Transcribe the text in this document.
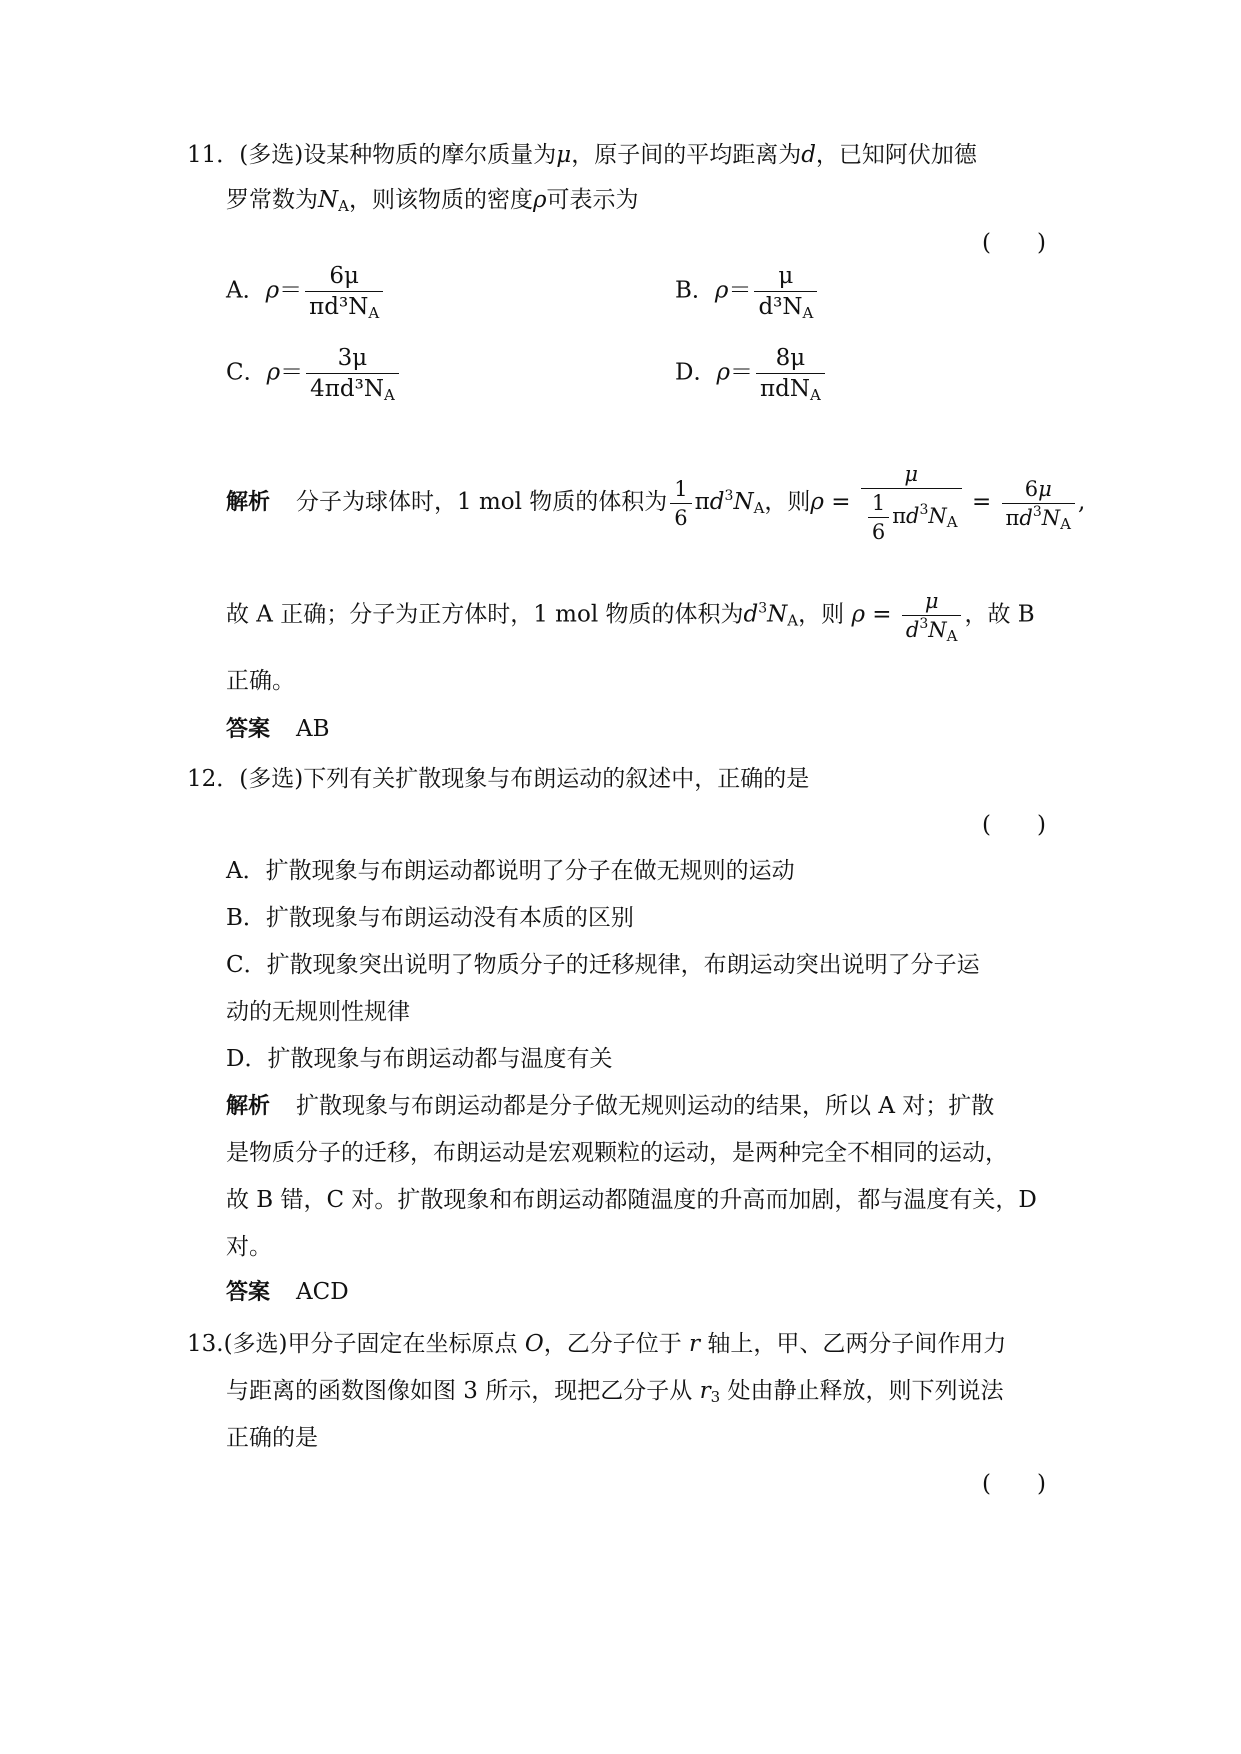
11．(多选)设某种物质的摩尔质量为μ，原子间的平均距离为d，已知阿伏加德
罗常数为$N_A$，则该物质的密度ρ可表示为
(　　)
A．$\rho= \frac{6\mu}{\pi d^3N_A}$	B．$\rho= \frac{\mu}{d^3N_A}$
C．$\rho= \frac{3\mu}{4\pi d^3N_A}$	D．$\rho= \frac{8\mu}{\pi dN_A}$
解析 分子为球体时，1 mol 物质的体积为 $\frac{1}{6} \pi d^3N_A$，则$\rho = \frac{\mu}{\frac{1}{6} \pi d^3N_A} = \frac{6\mu}{\pi d^3N_A}$ ,
故 A 正确；分子为正方体时，1 mol 物质的体积为$d^3N_A$，则 $\rho = \frac{\mu}{d^3N_A}$ ，故 B
正确。
答案 AB
12．(多选)下列有关扩散现象与布朗运动的叙述中，正确的是
(　　)
A．扩散现象与布朗运动都说明了分子在做无规则的运动
B．扩散现象与布朗运动没有本质的区别
C．扩散现象突出说明了物质分子的迁移规律，布朗运动突出说明了分子运
动的无规则性规律
D．扩散现象与布朗运动都与温度有关
解析 扩散现象与布朗运动都是分子做无规则运动的结果，所以 A 对；扩散
是物质分子的迁移，布朗运动是宏观颗粒的运动，是两种完全不相同的运动，
故 B 错，C 对。扩散现象和布朗运动都随温度的升高而加剧，都与温度有关，D
对。
答案 ACD
13.(多选)甲分子固定在坐标原点 O，乙分子位于 r 轴上，甲、乙两分子间作用力
与距离的函数图像如图 3 所示，现把乙分子从 $r_3$ 处由静止释放，则下列说法
正确的是
(　　)
